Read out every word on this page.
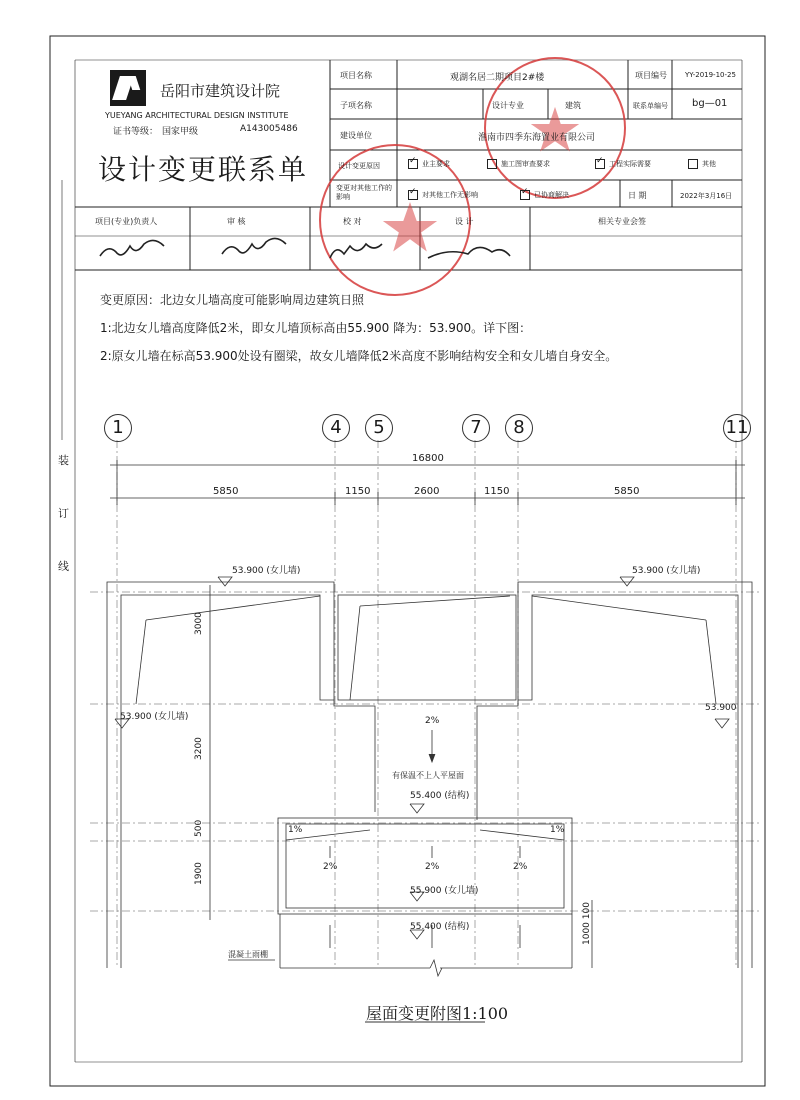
岳阳市建筑设计院
YUEYANG ARCHITECTURAL DESIGN INSTITUTE
证书等级： 国家甲级	A143005486
设计变更联系单
项目名称	观湖名居二期项目2#楼	项目编号	YY-2019-10-25
子项名称	设计专业	建筑	联系单编号 bg—01
建设单位	淮南市四季东海置业有限公司
设计变更原因 ✓	业主要求	施工图审查要求 ✓	工程实际需要	其他
变更对其他工作的影响 ✓	对其他工作无影响 ✓	已协商解决	日 期	2022年3月16日
项目(专业)负责人	审 核	校 对	设 计	相关专业会签
装
订
线
变更原因：北边女儿墙高度可能影响周边建筑日照
1:北边女儿墙高度降低2米，即女儿墙顶标高由55.900 降为：53.900。详下图：
2:原女儿墙在标高53.900处设有圈梁，故女儿墙降低2米高度不影响结构安全和女儿墙自身安全。
1	4	5	7	8	11
16800
5850	1150	2600	1150	5850
3000
3200
500
1900
1000 100
53.900 (女儿墙)	53.900 (女儿墙)
53.900 (女儿墙)
53.900
2%
有保温不上人平屋面
55.400 (结构)
1%	1%
2%	2%	2%
55.900 (女儿墙)
55.400 (结构)
混凝土雨棚
屋面变更附图1:100
